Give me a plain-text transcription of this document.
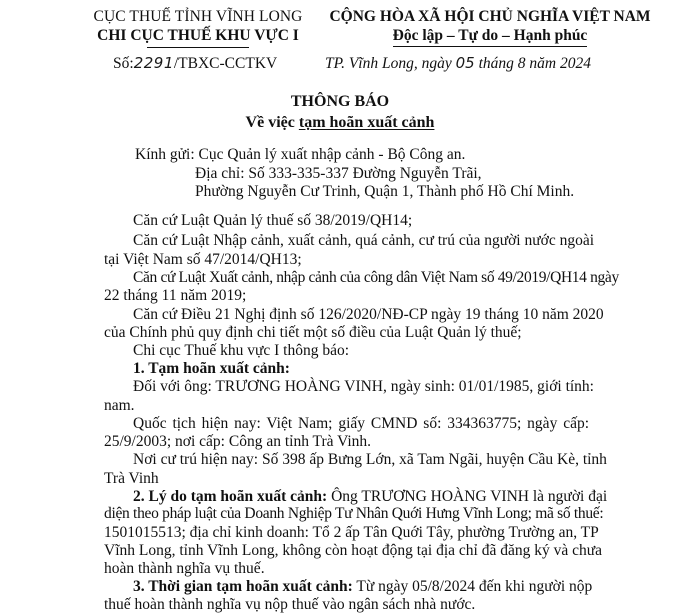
CỤC THUẾ TỈNH VĨNH LONG
CHI CỤC THUẾ KHU VỰC I
CỘNG HÒA XÃ HỘI CHỦ NGHĨA VIỆT NAM
Độc lập – Tự do – Hạnh phúc
Số:2291/TBXC-CCTKV	TP. Vĩnh Long, ngày 05 tháng 8 năm 2024
THÔNG BÁO
Về việc tạm hoãn xuất cảnh
Kính gửi: Cục Quản lý xuất nhập cảnh - Bộ Công an.
Địa chỉ: Số 333-335-337 Đường Nguyễn Trãi,
Phường Nguyễn Cư Trinh, Quận 1, Thành phố Hồ Chí Minh.
Căn cứ Luật Quản lý thuế số 38/2019/QH14;
Căn cứ Luật Nhập cảnh, xuất cảnh, quá cảnh, cư trú của người nước ngoài
tại Việt Nam số 47/2014/QH13;
Căn cứ Luật Xuất cảnh, nhập cảnh của công dân Việt Nam số 49/2019/QH14 ngày
22 tháng 11 năm 2019;
Căn cứ Điều 21 Nghị định số 126/2020/NĐ-CP ngày 19 tháng 10 năm 2020
của Chính phủ quy định chi tiết một số điều của Luật Quản lý thuế;
Chi cục Thuế khu vực I thông báo:
1. Tạm hoãn xuất cảnh:
Đối với ông: TRƯƠNG HOÀNG VINH, ngày sinh: 01/01/1985, giới tính:
nam.
Quốc tịch hiện nay: Việt Nam; giấy CMND số: 334363775; ngày cấp:
25/9/2003; nơi cấp: Công an tỉnh Trà Vinh.
Nơi cư trú hiện nay: Số 398 ấp Bưng Lớn, xã Tam Ngãi, huyện Cầu Kè, tỉnh
Trà Vinh
2. Lý do tạm hoãn xuất cảnh: Ông TRƯƠNG HOÀNG VINH là người đại
diện theo pháp luật của Doanh Nghiệp Tư Nhân Quới Hưng Vĩnh Long; mã số thuế:
1501015513; địa chỉ kinh doanh: Tổ 2 ấp Tân Quới Tây, phường Trường an, TP
Vĩnh Long, tỉnh Vĩnh Long, không còn hoạt động tại địa chỉ đã đăng ký và chưa
hoàn thành nghĩa vụ thuế.
3. Thời gian tạm hoãn xuất cảnh: Từ ngày 05/8/2024 đến khi người nộp
thuế hoàn thành nghĩa vụ nộp thuế vào ngân sách nhà nước.
